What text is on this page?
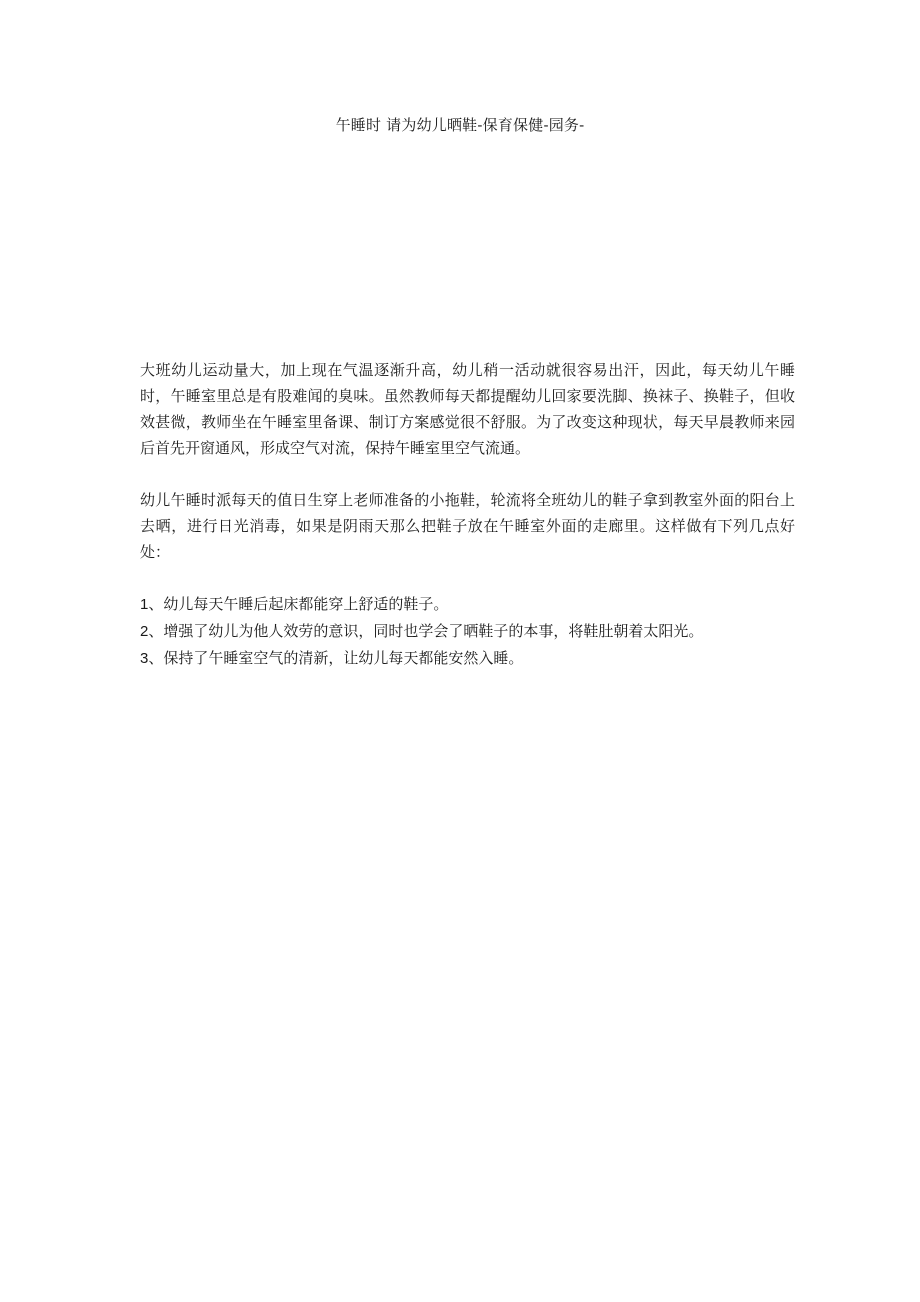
午睡时 请为幼儿晒鞋-保育保健-园务-

大班幼儿运动量大，加上现在气温逐渐升高，幼儿稍一活动就很容易出汗，因此，每天幼儿午睡时，午睡室里总是有股难闻的臭味。虽然教师每天都提醒幼儿回家要洗脚、换袜子、换鞋子，但收效甚微，教师坐在午睡室里备课、制订方案感觉很不舒服。为了改变这种现状，每天早晨教师来园后首先开窗通风，形成空气对流，保持午睡室里空气流通。

幼儿午睡时派每天的值日生穿上老师准备的小拖鞋，轮流将全班幼儿的鞋子拿到教室外面的阳台上去晒，进行日光消毒，如果是阴雨天那么把鞋子放在午睡室外面的走廊里。这样做有下列几点好处：

1、幼儿每天午睡后起床都能穿上舒适的鞋子。
2、增强了幼儿为他人效劳的意识，同时也学会了晒鞋子的本事，将鞋肚朝着太阳光。
3、保持了午睡室空气的清新，让幼儿每天都能安然入睡。
